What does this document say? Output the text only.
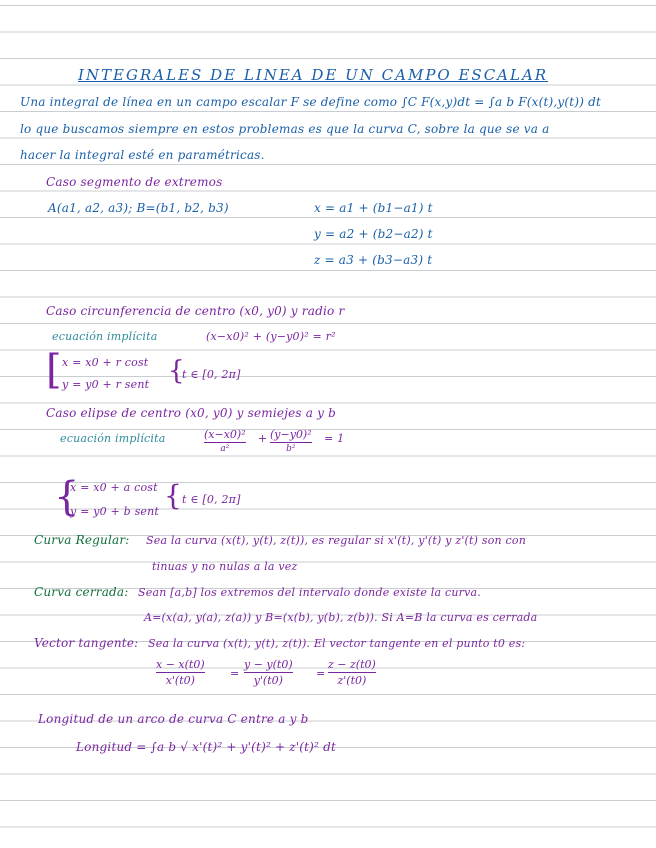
INTEGRALES DE LINEA DE UN CAMPO ESCALAR
Una integral de línea en un campo escalar F se define como ∫C F(x,y)dt = ∫a b F(x(t),y(t)) dt
lo que buscamos siempre en estos problemas es que la curva C, sobre la que se va a
hacer la integral esté en paramétricas.
Caso segmento de extremos
A(a1, a2, a3); B=(b1, b2, b3)	x = a1 + (b1−a1) t
y = a2 + (b2−a2) t
z = a3 + (b3−a3) t
Caso circunferencia de centro (x0, y0) y radio r
ecuación implícita	(x−x0)² + (y−y0)² = r²
[ x = x0 + r cost
y = y0 + r sent {
t ∈ [0, 2π]
Caso elipse de centro (x0, y0) y semiejes a y b
ecuación implícita	(x−x0)²
a²
+ (y−y0)²
b²
= 1
{
x = x0 + a cost
y = y0 + b sent { t ∈ [0, 2π]
Curva Regular: Sea la curva (x(t), y(t), z(t)), es regular si x'(t), y'(t) y z'(t) son con
tinuas y no nulas a la vez
Curva cerrada: Sean [a,b] los extremos del intervalo donde existe la curva.
A=(x(a), y(a), z(a)) y B=(x(b), y(b), z(b)). Si A=B la curva es cerrada
Vector tangente: Sea la curva (x(t), y(t), z(t)). El vector tangente en el punto t0 es:
x − x(t0)
x'(t0)
=
y − y(t0)
y'(t0)
=
z − z(t0)
z'(t0)
Longitud de un arco de curva C entre a y b
Longitud = ∫a b √ x'(t)² + y'(t)² + z'(t)² dt
